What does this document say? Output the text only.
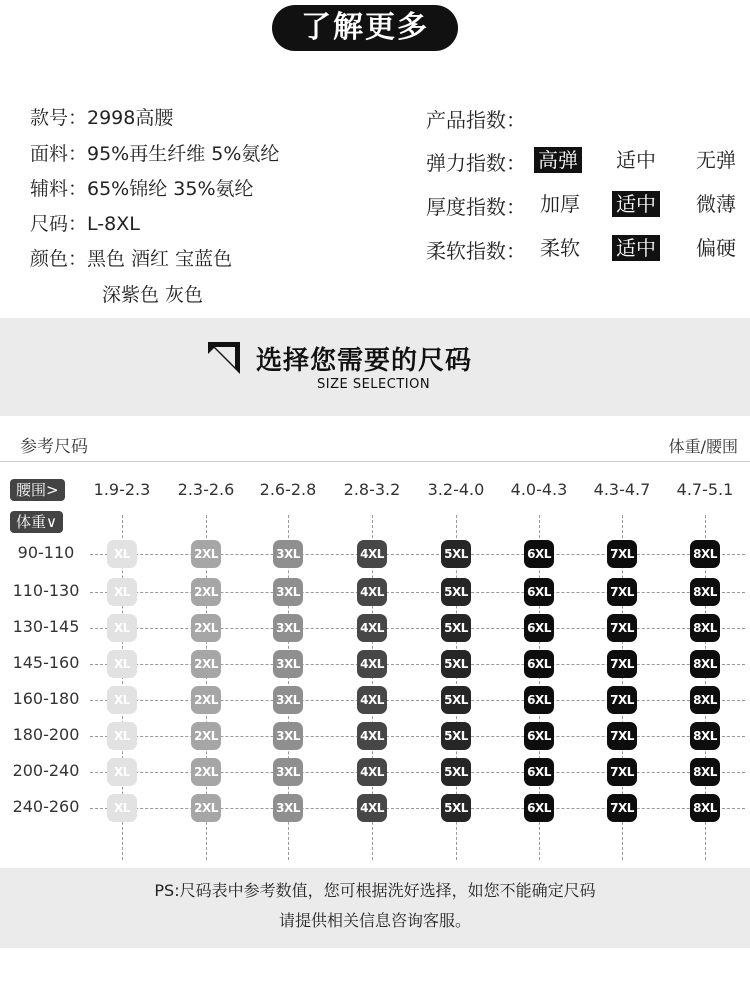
了解更多
款号：2998高腰
面料：95%再生纤维 5%氨纶
辅料：65%锦纶 35%氨纶
尺码：L-8XL
颜色：黑色 酒红 宝蓝色
深紫色 灰色
产品指数：
弹力指数： 高弹 适中 无弹
厚度指数： 加厚 适中 微薄
柔软指数： 柔软 适中 偏硬
选择您需要的尺码
SIZE SELECTION
参考尺码	体重/腰围
腰围>
体重∨
1.9-2.3	2.3-2.6	2.6-2.8	2.8-3.2	3.2-4.0	4.0-4.3	4.3-4.7	4.7-5.1
90-110	XL	2XL	3XL	4XL	5XL	6XL	7XL	8XL
110-130	XL	2XL	3XL	4XL	5XL	6XL	7XL	8XL
130-145	XL	2XL	3XL	4XL	5XL	6XL	7XL	8XL
145-160	XL	2XL	3XL	4XL	5XL	6XL	7XL	8XL
160-180	XL	2XL	3XL	4XL	5XL	6XL	7XL	8XL
180-200	XL	2XL	3XL	4XL	5XL	6XL	7XL	8XL
200-240	XL	2XL	3XL	4XL	5XL	6XL	7XL	8XL
240-260	XL	2XL	3XL	4XL	5XL	6XL	7XL	8XL
PS:尺码表中参考数值，您可根据洗好选择，如您不能确定尺码
请提供相关信息咨询客服。
